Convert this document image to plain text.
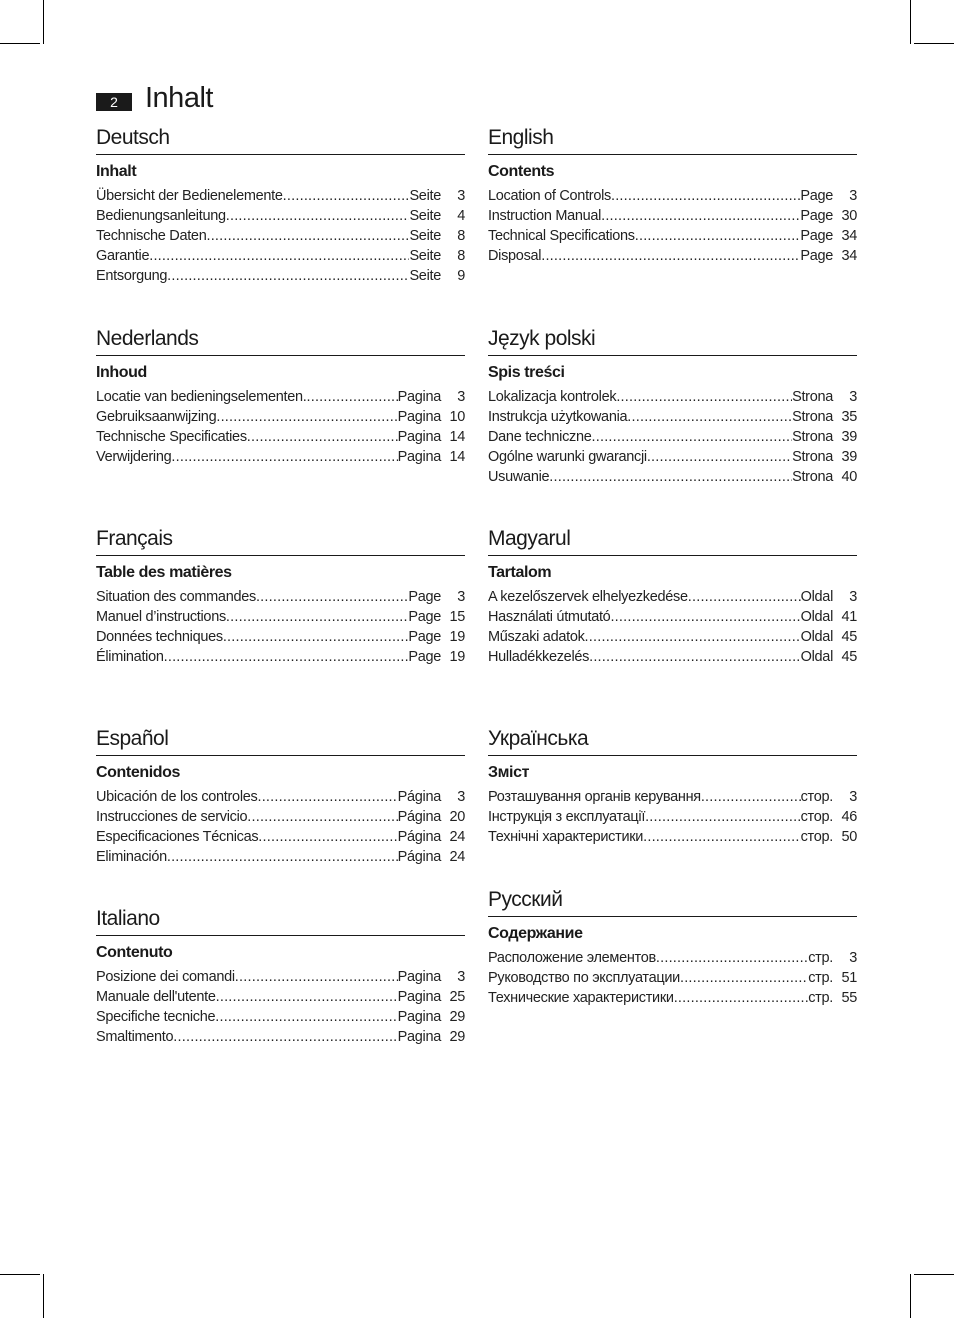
2 Inhalt
Deutsch
Inhalt
Übersicht der Bedienelemente .....	Seite	3
Bedienungsanleitung .....	Seite	4
Technische Daten .....	Seite	8
Garantie .....	Seite	8
Entsorgung .....	Seite	9
English
Contents
Location of Controls .....	Page	3
Instruction Manual .....	Page 30
Technical Specifications .....	Page 34
Disposal .....	Page 34
Nederlands
Inhoud
Locatie van bedieningselementen. .....	Pagina	3
Gebruiksaanwijzing .....	Pagina 10
Technische Specificaties .....	Pagina 14
Verwijdering .....	Pagina 14
Język polski
Spis treści
Lokalizacja kontrolek .....	Strona	3
Instrukcja użytkowania .....	Strona 35
Dane techniczne .....	Strona 39
Ogólne warunki gwarancji .....	Strona 39
Usuwanie .....	Strona 40
Français
Table des matières
Situation des commandes .....	Page	3
Manuel d’instructions .....	Page 15
Données techniques .....	Page 19
Élimination .....	Page 19
Magyarul
Tartalom
A kezelőszervek elhelyezkedése .....	Oldal	3
Használati útmutató .....	Oldal 41
Műszaki adatok .....	Oldal 45
Hulladékkezelés .....	Oldal 45
Español
Contenidos
Ubicación de los controles .....	Página	3
Instrucciones de servicio .....	Página 20
Especificaciones Técnicas .....	Página 24
Eliminación .....	Página 24
Українська
Зміст
Розташування органів керування .....	стор.	3
Інструкція з експлуатації .....	стор. 46
Технічні характеристики .....	стор. 50
Italiano
Contenuto
Posizione dei comandi .....	Pagina	3
Manuale dell'utente .....	Pagina 25
Specifiche tecniche .....	Pagina 29
Smaltimento .....	Pagina 29
Русский
Содержание
Расположение элементов .....	стр.	3
Руководство по эксплуатации .....	стр. 51
Технические характеристики .....	стр. 55
